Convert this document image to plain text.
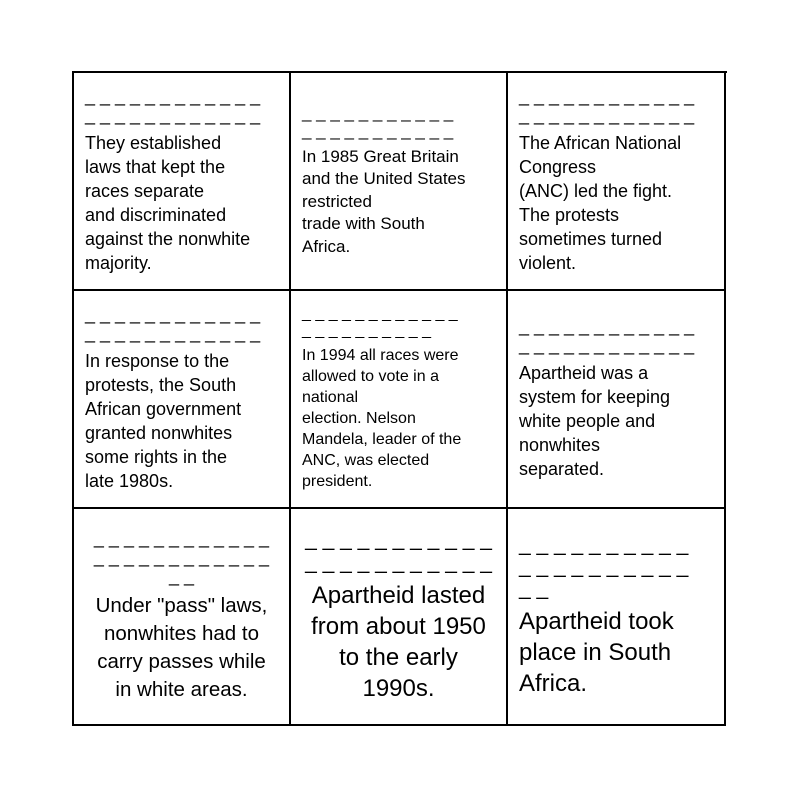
_ _ _ _ _ _ _ _ _ _ _ _
_ _ _ _ _ _ _ _ _ _ _ _
They established
laws that kept the
races separate
and discriminated
against the nonwhite
majority.
_ _ _ _ _ _ _ _ _ _ _
_ _ _ _ _ _ _ _ _ _ _
In 1985 Great Britain
and the United States
restricted
trade with South
Africa.
_ _ _ _ _ _ _ _ _ _ _ _
_ _ _ _ _ _ _ _ _ _ _ _
The African National
Congress
(ANC) led the fight.
The protests
sometimes turned
violent.
_ _ _ _ _ _ _ _ _ _ _ _
_ _ _ _ _ _ _ _ _ _ _ _
In response to the
protests, the South
African government
granted nonwhites
some rights in the
late 1980s.
_ _ _ _ _ _ _ _ _ _ _ _
_ _ _ _ _ _ _ _ _ _
In 1994 all races were
allowed to vote in a
national
election. Nelson
Mandela, leader of the
ANC, was elected
president.
_ _ _ _ _ _ _ _ _ _ _ _
_ _ _ _ _ _ _ _ _ _ _ _
Apartheid was a
system for keeping
white people and
nonwhites
separated.
_ _ _ _ _ _ _ _ _ _ _ _
_ _ _ _ _ _ _ _ _ _ _ _
_ _
Under "pass" laws,
nonwhites had to
carry passes while
in white areas.
_ _ _ _ _ _ _ _ _ _ _
_ _ _ _ _ _ _ _ _ _ _
Apartheid lasted
from about 1950
to the early
1990s.
_ _ _ _ _ _ _ _ _ _
_ _ _ _ _ _ _ _ _ _
_ _
Apartheid took
place in South
Africa.
